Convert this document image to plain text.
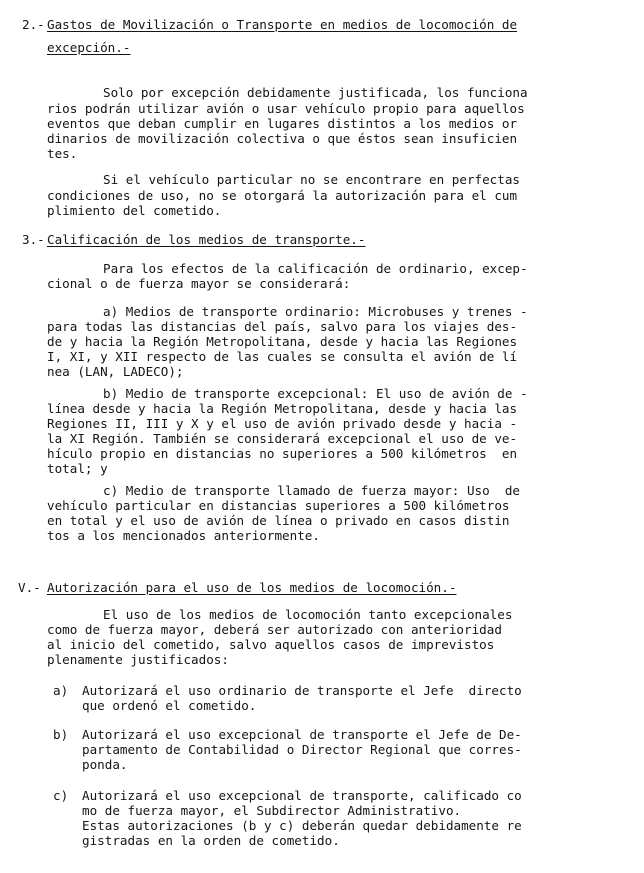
2.- Gastos de Movilización o Transporte en medios de locomoción de
excepción.-
Solo por excepción debidamente justificada, los funciona
rios podrán utilizar avión o usar vehículo propio para aquellos
eventos que deban cumplir en lugares distintos a los medios or
dinarios de movilización colectiva o que éstos sean insuficien
tes.
Si el vehículo particular no se encontrare en perfectas
condiciones de uso, no se otorgará la autorización para el cum
plimiento del cometido.
3.- Calificación de los medios de transporte.-
Para los efectos de la calificación de ordinario, excep-
cional o de fuerza mayor se considerará:
a) Medios de transporte ordinario: Microbuses y trenes -
para todas las distancias del país, salvo para los viajes des-
de y hacia la Región Metropolitana, desde y hacia las Regiones
I, XI, y XII respecto de las cuales se consulta el avión de lí
nea (LAN, LADECO);
b) Medio de transporte excepcional: El uso de avión de -
línea desde y hacia la Región Metropolitana, desde y hacia las
Regiones II, III y X y el uso de avión privado desde y hacia -
la XI Región. También se considerará excepcional el uso de ve-
hículo propio en distancias no superiores a 500 kilómetros  en
total; y
c) Medio de transporte llamado de fuerza mayor: Uso  de
vehículo particular en distancias superiores a 500 kilómetros
en total y el uso de avión de línea o privado en casos distin
tos a los mencionados anteriormente.
V.- Autorización para el uso de los medios de locomoción.-
El uso de los medios de locomoción tanto excepcionales
como de fuerza mayor, deberá ser autorizado con anterioridad
al inicio del cometido, salvo aquellos casos de imprevistos
plenamente justificados:
a) Autorizará el uso ordinario de transporte el Jefe  directo
que ordenó el cometido.
b) Autorizará el uso excepcional de transporte el Jefe de De-
partamento de Contabilidad o Director Regional que corres-
ponda.
c) Autorizará el uso excepcional de transporte, calificado co
mo de fuerza mayor, el Subdirector Administrativo.
Estas autorizaciones (b y c) deberán quedar debidamente re
gistradas en la orden de cometido.
